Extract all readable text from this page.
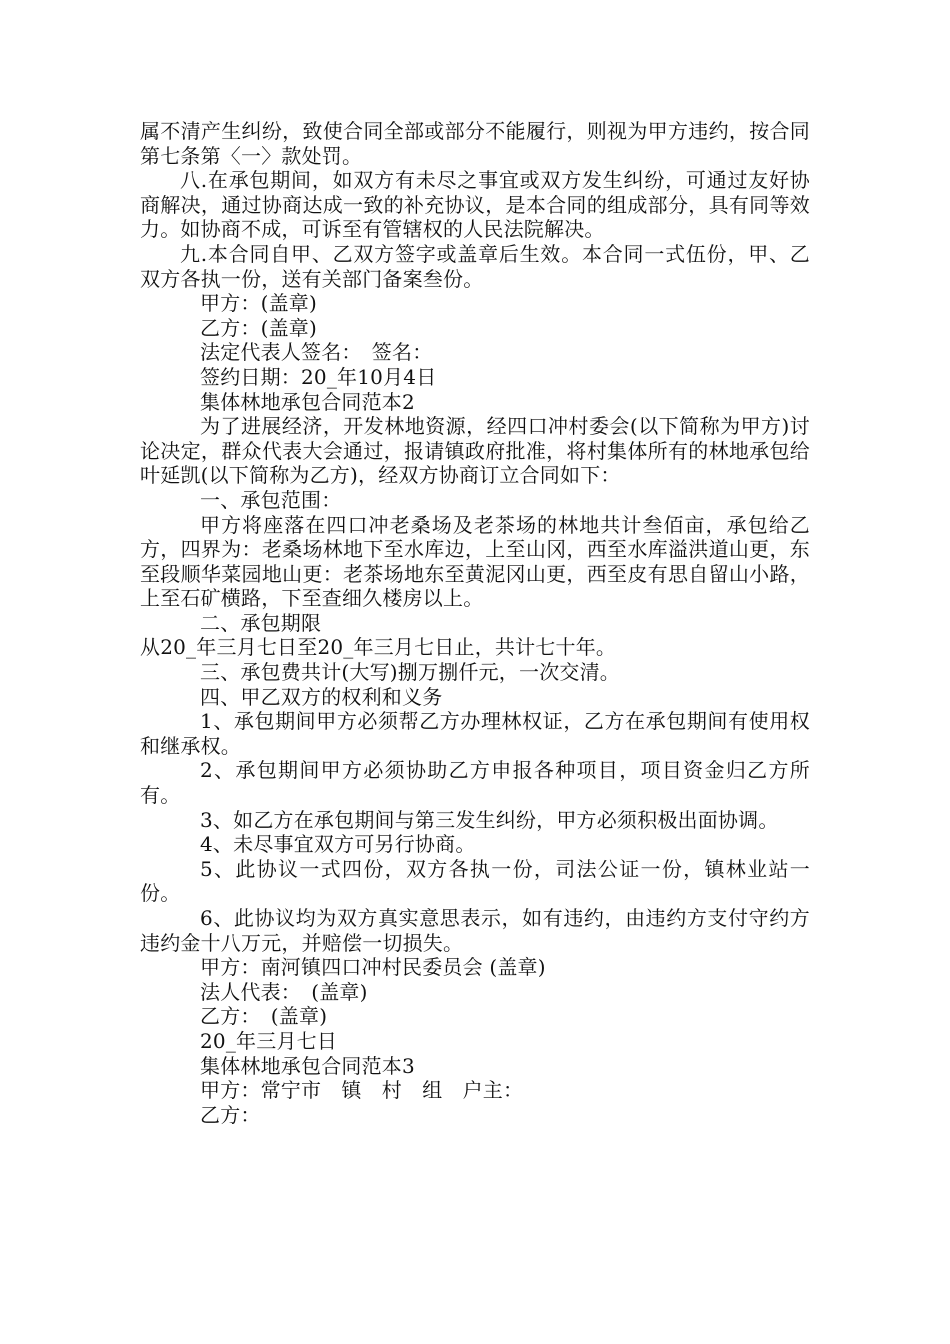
属不清产生纠纷，致使合同全部或部分不能履行，则视为甲方违约，按合同第七条第〈一〉款处罚。

八.在承包期间，如双方有未尽之事宜或双方发生纠纷，可通过友好协商解决，通过协商达成一致的补充协议，是本合同的组成部分，具有同等效力。如协商不成，可诉至有管辖权的人民法院解决。

九.本合同自甲、乙双方签字或盖章后生效。本合同一式伍份，甲、乙双方各执一份，送有关部门备案叁份。

甲方：(盖章)

乙方：(盖章)

法定代表人签名：　签名：

签约日期：20_年10月4日

集体林地承包合同范本2

为了进展经济，开发林地资源，经四口冲村委会(以下简称为甲方)讨论决定，群众代表大会通过，报请镇政府批准，将村集体所有的林地承包给叶延凯(以下简称为乙方)，经双方协商订立合同如下：

一、承包范围：

甲方将座落在四口冲老桑场及老茶场的林地共计叁佰亩，承包给乙方，四界为：老桑场林地下至水库边，上至山冈，西至水库溢洪道山更，东至段顺华菜园地山更：老茶场地东至黄泥冈山更，西至皮有思自留山小路，上至石矿横路，下至查细久楼房以上。

二、承包期限

从20_年三月七日至20_年三月七日止，共计七十年。

三、承包费共计(大写)捌万捌仟元，一次交清。

四、甲乙双方的权利和义务

1、承包期间甲方必须帮乙方办理林权证，乙方在承包期间有使用权和继承权。

2、承包期间甲方必须协助乙方申报各种项目，项目资金归乙方所有。

3、如乙方在承包期间与第三发生纠纷，甲方必须积极出面协调。

4、未尽事宜双方可另行协商。

5、此协议一式四份，双方各执一份，司法公证一份，镇林业站一份。

6、此协议均为双方真实意思表示，如有违约，由违约方支付守约方违约金十八万元，并赔偿一切损失。

甲方：南河镇四口冲村民委员会 (盖章)

法人代表：　(盖章)

乙方：　(盖章)

20_年三月七日

集体林地承包合同范本3

甲方：常宁市　镇　村　组　户主：

乙方：
